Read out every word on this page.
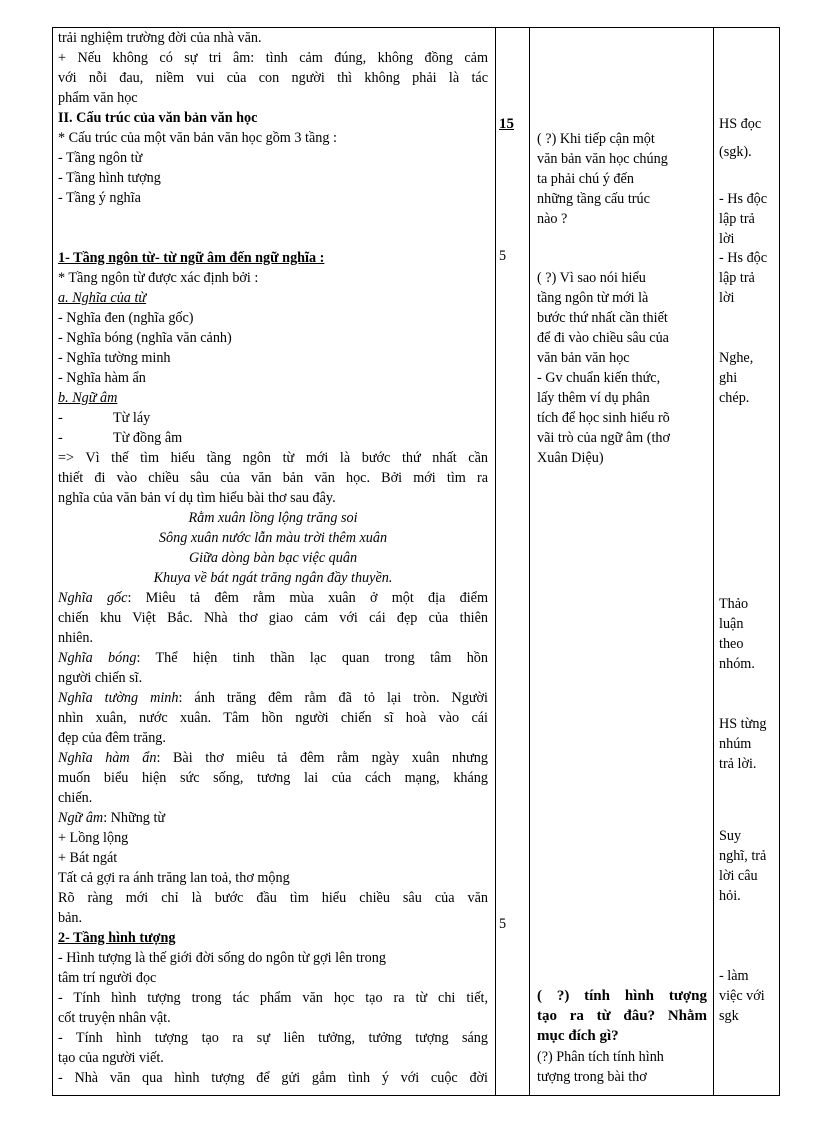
trải nghiệm trường đời của nhà văn.
+ Nếu không có sự tri âm: tình cảm đúng, không đồng cảm
với nỗi đau, niềm vui của con người thì không phải là tác
phẩm văn học
II. Cấu trúc của văn bản văn học
* Cấu trúc của một văn bản văn học gồm 3 tầng :
- Tầng ngôn từ
- Tầng hình tượng
- Tầng ý nghĩa
1- Tầng ngôn từ- từ ngữ âm đến ngữ nghĩa :
* Tầng ngôn từ được xác định bởi :
a. Nghĩa của từ
- Nghĩa đen (nghĩa gốc)
- Nghĩa bóng (nghĩa văn cảnh)
- Nghĩa tường minh
- Nghĩa hàm ẩn
b. Ngữ âm
-	Từ láy
-	Từ đồng âm
=> Vì thế tìm hiểu tầng ngôn từ mới là bước thứ nhất cần
thiết đi vào chiều sâu của văn bản văn học. Bởi mới tìm ra
nghĩa của văn bản ví dụ tìm hiểu bài thơ sau đây.
Rằm xuân lồng lộng trăng soi
Sông xuân nước lẫn màu trời thêm xuân
Giữa dòng bàn bạc việc quân
Khuya về bát ngát trăng ngân đầy thuyền.
Nghĩa gốc: Miêu tả đêm rằm mùa xuân ở một địa điểm
chiến khu Việt Bắc. Nhà thơ giao cảm với cái đẹp của thiên
nhiên.
Nghĩa bóng: Thể hiện tinh thần lạc quan trong tâm hồn
người chiến sĩ.
Nghĩa tường minh: ánh trăng đêm rằm đã tỏ lại tròn. Người
nhìn xuân, nước xuân. Tâm hồn người chiến sĩ hoà vào cái
đẹp của đêm trăng.
Nghĩa hàm ẩn: Bài thơ miêu tả đêm rằm ngày xuân nhưng
muốn biểu hiện sức sống, tương lai của cách mạng, kháng
chiến.
Ngữ âm: Những từ
+ Lồng lộng
+ Bát ngát
Tất cả gợi ra ánh trăng lan toả, thơ mộng
Rõ ràng mới chỉ là bước đầu tìm hiểu chiều sâu của văn
bản.
2- Tầng hình tượng
- Hình tượng là thế giới đời sống do ngôn từ gợi lên trong
tâm trí người đọc
- Tính hình tượng trong tác phẩm văn học tạo ra từ chi tiết,
cốt truyện nhân vật.
- Tính hình tượng tạo ra sự liên tưởng, tưởng tượng sáng
tạo của người viết.
- Nhà văn qua hình tượng để gửi gắm tình ý với cuộc đời
15
5
5
( ?) Khi tiếp cận một
văn bản văn học chúng
ta phải chú ý đến
những tầng cấu trúc
nào ?
( ?) Vì sao nói hiểu
tầng ngôn từ mới là
bước thứ nhất cần thiết
để đi vào chiều sâu của
văn bản văn học
- Gv chuẩn kiến thức,
lấy thêm ví dụ phân
tích để học sinh hiểu rõ
vãi trò của ngữ âm (thơ
Xuân Diệu)
( ?) tính hình tượng
tạo ra từ đâu? Nhằm
mục đích gì?
(?) Phân tích tính hình
tượng trong bài thơ
HS đọc
(sgk).
- Hs độc
lập trả
lời
- Hs độc
lập trả
lời
Nghe,
ghi
chép.
Thảo
luận
theo
nhóm.
HS từng
nhúm
trả lời.
Suy
nghĩ, trả
lời câu
hỏi.
- làm
việc với
sgk
